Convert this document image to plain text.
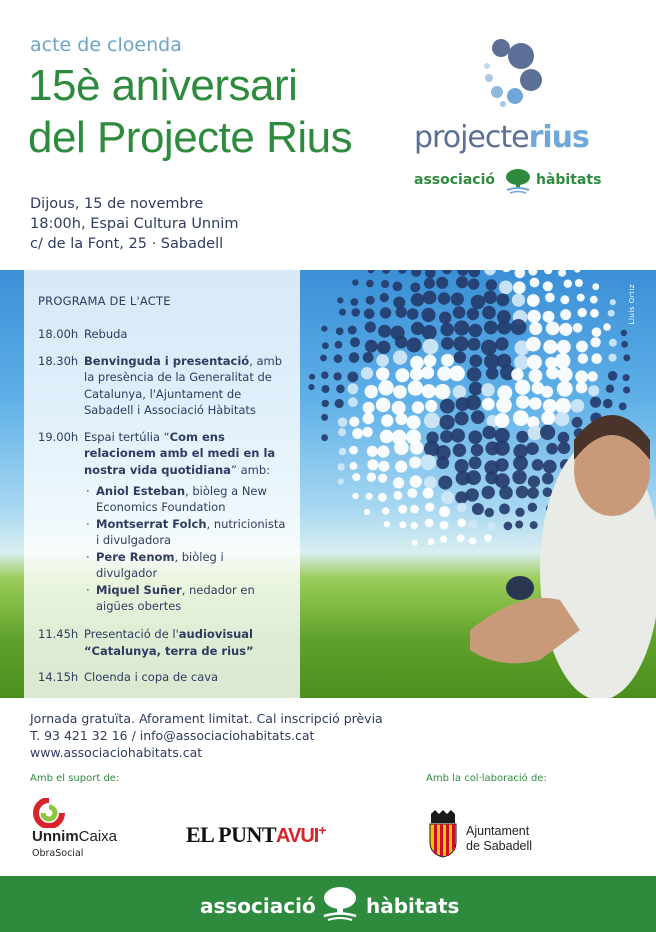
acte de cloenda
15è aniversari
del Projecte Rius
Dijous, 15 de novembre
18:00h, Espai Cultura Unnim
c/ de la Font, 25 · Sabadell
projecterius
associació	hàbitats
Lluís Ortiz
PROGRAMA DE L'ACTE
18.00h Rebuda
18.30h Benvinguda i presentació, amb la presència de la Generalitat de Catalunya, l'Ajuntament de Sabadell i Associació Hàbitats
19.00h Espai tertúlia “Com ens relacionem amb el medi en la nostra vida quotidiana” amb:
· Aniol Esteban, biòleg a New Economics Foundation
· Montserrat Folch, nutricionista i divulgadora
· Pere Renom, biòleg i divulgador
· Miquel Suñer, nedador en aigües obertes
11.45h Presentació de l'audiovisual “Catalunya, terra de rius”
14.15h Cloenda i copa de cava
Jornada gratuïta. Aforament limitat. Cal inscripció prèvia
T. 93 421 32 16 / info@associaciohabitats.cat
www.associaciohabitats.cat
Amb el suport de:	Amb la col·laboració de:
UnnimCaixa
ObraSocial
EL PUNTAVUI+	Ajuntament
de Sabadell
associació	hàbitats
